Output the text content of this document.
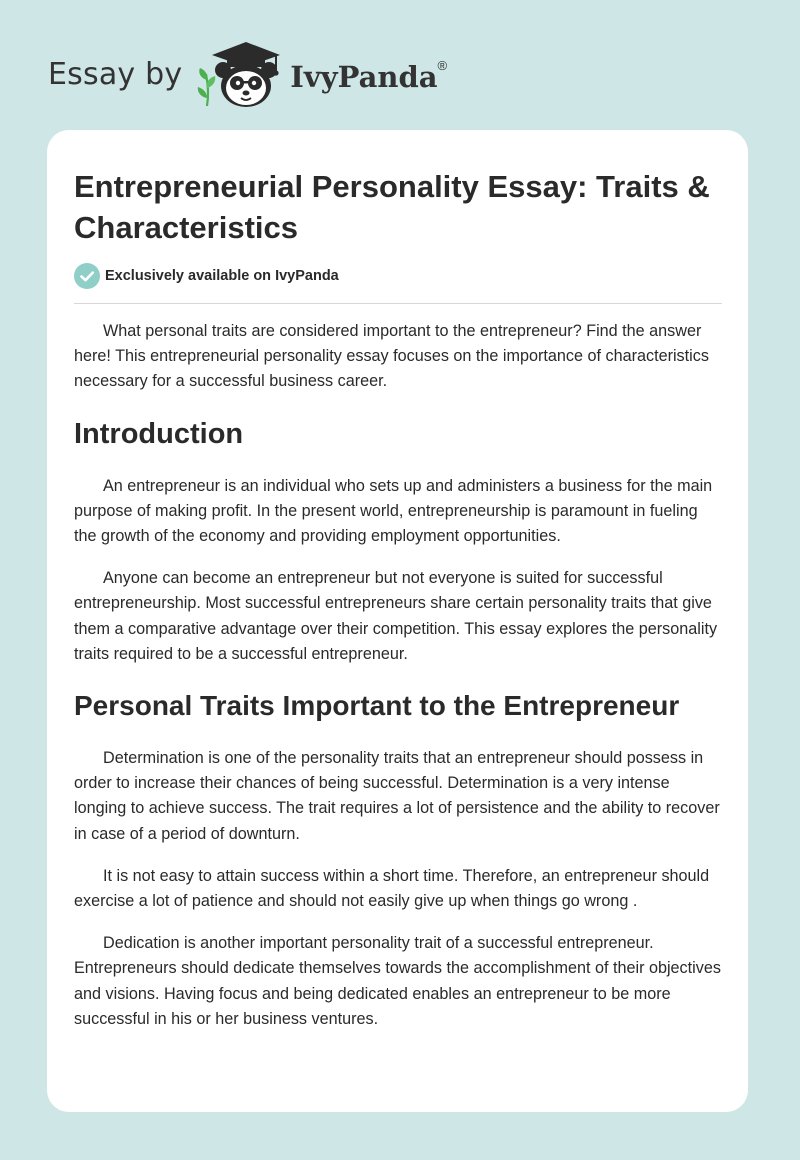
Essay by	IvyPanda®
Entrepreneurial Personality Essay: Traits & Characteristics
Exclusively available on IvyPanda

What personal traits are considered important to the entrepreneur? Find the answer here! This entrepreneurial personality essay focuses on the importance of characteristics necessary for a successful business career.

Introduction

An entrepreneur is an individual who sets up and administers a business for the main purpose of making profit. In the present world, entrepreneurship is paramount in fueling the growth of the economy and providing employment opportunities.

Anyone can become an entrepreneur but not everyone is suited for successful entrepreneurship. Most successful entrepreneurs share certain personality traits that give them a comparative advantage over their competition. This essay explores the personality traits required to be a successful entrepreneur.

Personal Traits Important to the Entrepreneur

Determination is one of the personality traits that an entrepreneur should possess in order to increase their chances of being successful. Determination is a very intense longing to achieve success. The trait requires a lot of persistence and the ability to recover in case of a period of downturn.

It is not easy to attain success within a short time. Therefore, an entrepreneur should exercise a lot of patience and should not easily give up when things go wrong .

Dedication is another important personality trait of a successful entrepreneur. Entrepreneurs should dedicate themselves towards the accomplishment of their objectives and visions. Having focus and being dedicated enables an entrepreneur to be more successful in his or her business ventures.
